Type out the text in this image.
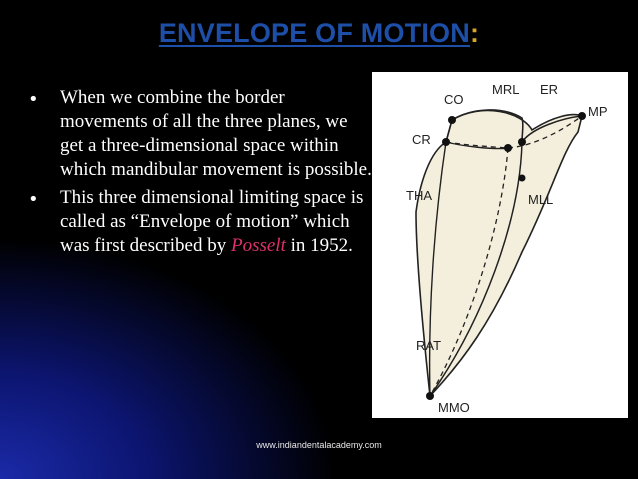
ENVELOPE OF MOTION:
• When we combine the border movements of all the three planes, we get a three-dimensional space within which mandibular movement is possible.
• This three dimensional limiting space is called as “Envelope of motion” which was first described by Posselt in 1952.
CO
MRL ER
MP
CR
THA	MLL
RAT
MMO
www.indiandentalacademy.com
